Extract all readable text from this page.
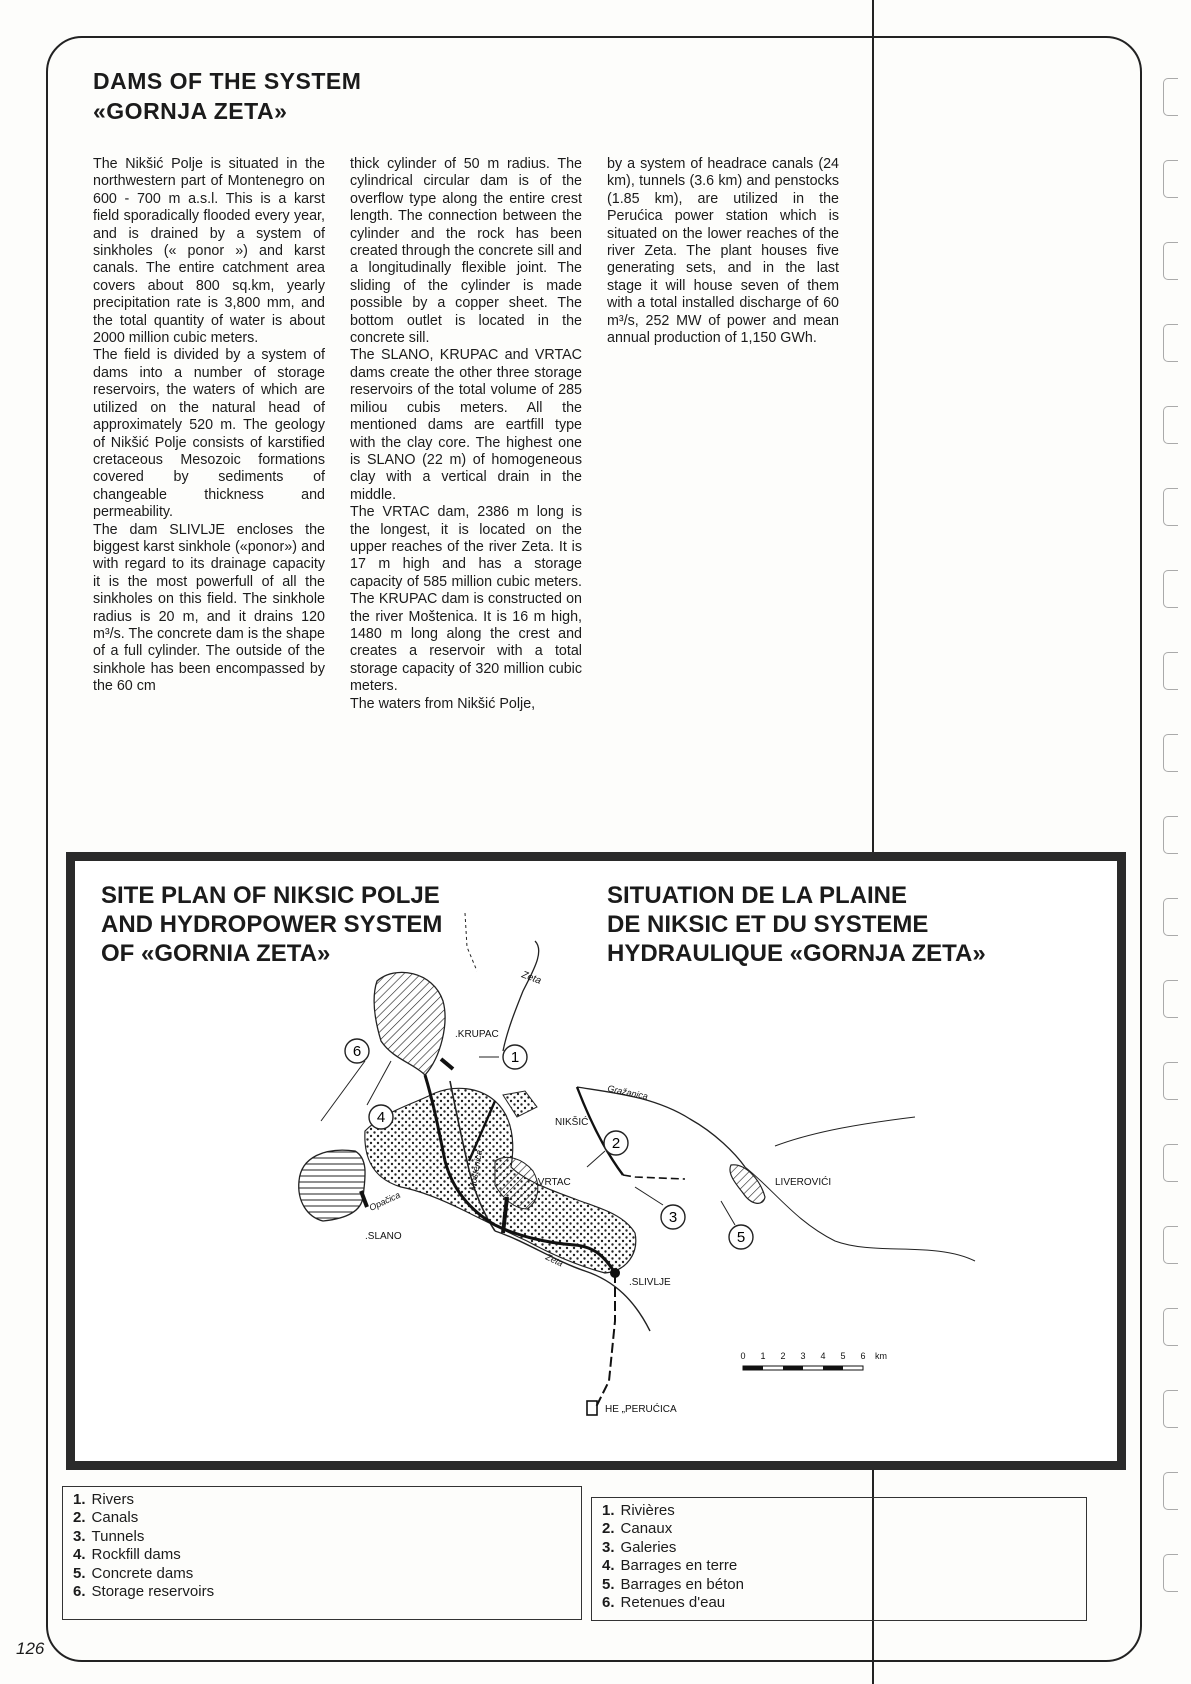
DAMS OF THE SYSTEM
«GORNJA ZETA»

The Nikšić Polje is situated in the northwestern part of Montenegro on 600 - 700 m a.s.l. This is a karst field sporadically flooded every year, and is drained by a system of sinkholes (« ponor ») and karst canals. The entire catchment area covers about 800 sq.km, yearly precipitation rate is 3,800 mm, and the total quantity of water is about 2000 million cubic meters.

The field is divided by a system of dams into a number of storage reservoirs, the waters of which are utilized on the natural head of approximately 520 m. The geology of Nikšić Polje consists of karstified cretaceous Mesozoic formations covered by sediments of changeable thickness and permeability.

The dam SLIVLJE encloses the biggest karst sinkhole («ponor») and with regard to its drainage capacity it is the most powerfull of all the sinkholes on this field. The sinkhole radius is 20 m, and it drains 120 m³/s. The concrete dam is the shape of a full cylinder. The outside of the sinkhole has been encompassed by the 60 cm

thick cylinder of 50 m radius. The cylindrical circular dam is of the overflow type along the entire crest length. The connection between the cylinder and the rock has been created through the concrete sill and a longitudinally flexible joint. The sliding of the cylinder is made possible by a copper sheet. The bottom outlet is located in the concrete sill.

The SLANO, KRUPAC and VRTAC dams create the other three storage reservoirs of the total volume of 285 miliou cubis meters. All the mentioned dams are eartfill type with the clay core. The highest one is SLANO (22 m) of homogeneous clay with a vertical drain in the middle.

The VRTAC dam, 2386 m long is the longest, it is located on the upper reaches of the river Zeta. It is 17 m high and has a storage capacity of 585 million cubic meters. The KRUPAC dam is constructed on the river Moštenica. It is 16 m high, 1480 m long along the crest and creates a reservoir with a total storage capacity of 320 million cubic meters.

The waters from Nikšić Polje,

by a system of headrace canals (24 km), tunnels (3.6 km) and penstocks (1.85 km), are utilized in the Perućica power station which is situated on the lower reaches of the river Zeta. The plant houses five generating sets, and in the last stage it will house seven of them with a total installed discharge of 60 m³/s, 252 MW of power and mean annual production of 1,150 GWh.

SITE PLAN OF NIKSIC POLJE
AND HYDROPOWER SYSTEM
OF «GORNIA ZETA»
SITUATION DE LA PLAINE
DE NIKSIC ET DU SYSTEME
HYDRAULIQUE «GORNJA ZETA»
1
2
3
4
5
6
Zeta
.KRUPAC
NIKŠIĆ
.VRTAC
.SLANO
Opačica
Moštenica
Zeta
Gražanica
LIVEROVIĆI
.SLIVLJE
HE „PERUĆICA
0 1 2 3 4 5 6 km
1. Rivers
2. Canals
3. Tunnels
4. Rockfill dams
5. Concrete dams
6. Storage reservoirs
1. Rivières
2. Canaux
3. Galeries
4. Barrages en terre
5. Barrages en béton
6. Retenues d'eau
126
